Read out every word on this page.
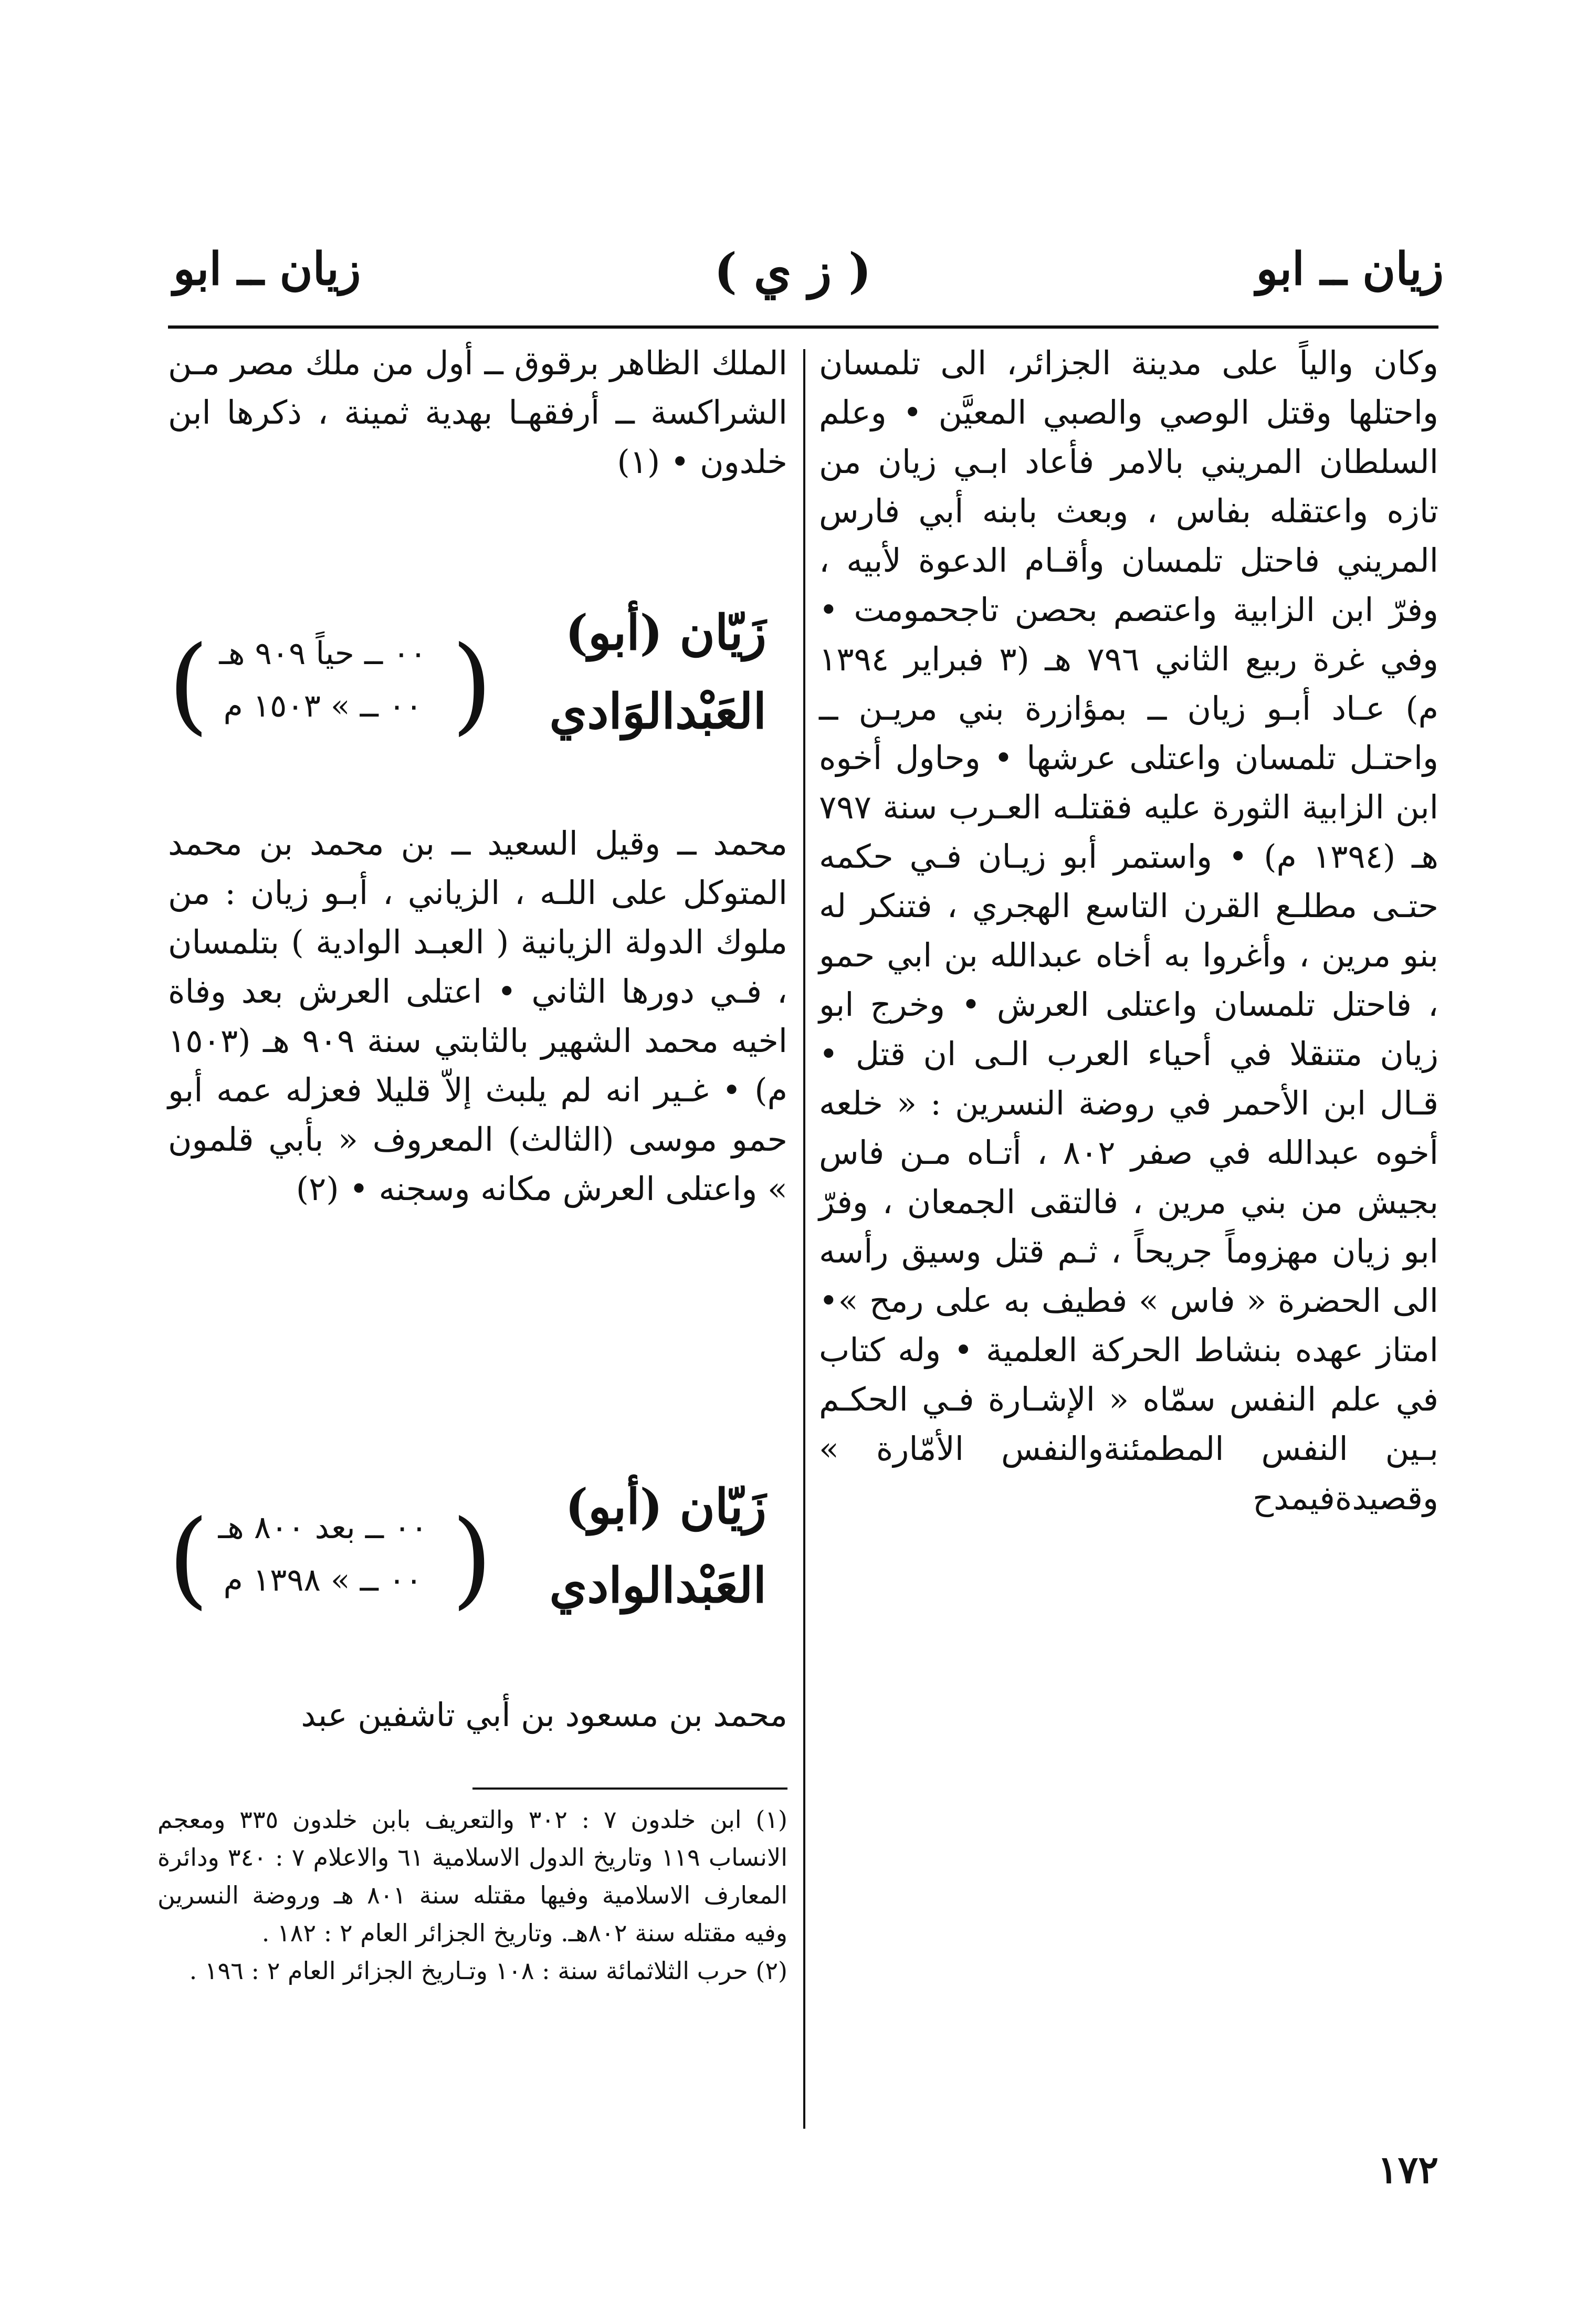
زيان ــ ابو
( ز ي )
زيان ــ ابو
وكان والياً على مدينة الجزائر، الى تلمسان واحتلها وقتل الوصي والصبي المعيَّن • وعلم السلطان المريني بالامر فأعاد ابـي زيان من تازه واعتقله بفاس ، وبعث بابنه أبي فارس المريني فاحتل تلمسان وأقـام الدعوة لأبيه ، وفرّ ابن الزابية واعتصم بحصن تاجحمومت • وفي غرة ربيع الثاني ٧٩٦ هـ (٣ فبراير ١٣٩٤ م) عـاد أبـو زيان ــ بمؤازرة بني مريـن ــ واحتـل تلمسان واعتلى عرشها • وحاول أخوه ابن الزابية الثورة عليه فقتلـه العـرب سنة ٧٩٧ هـ (١٣٩٤ م) • واستمر أبو زيـان فـي حكمه حتـى مطلـع القرن التاسع الهجري ، فتنكر له بنو مرين ، وأغروا به أخاه عبدالله بن ابي حمو ، فاحتل تلمسان واعتلى العرش • وخرج ابو زيان متنقلا في أحياء العرب الـى ان قتل • قـال ابن الأحمر في روضة النسرين : « خلعه أخوه عبدالله في صفر ٨٠٢ ، أتـاه مـن فاس بجيش من بني مرين ، فالتقى الجمعان ، وفرّ ابو زيان مهزوماً جريحاً ، ثـم قتل وسيق رأسه الى الحضرة « فاس » فطيف به على رمح »• امتاز عهده بنشاط الحركة العلمية • وله كتاب في علم النفس سمّاه « الإشـارة فـي الحكـم بـين النفس المطمئنةوالنفس الأمّارة » وقصيدةفيمدح
الملك الظاهر برقوق ــ أول من ملك مصر مـن الشراكسة ــ أرفقهـا بهدية ثمينة ، ذكرها ابن خلدون • (١)
زَيّان (أبو)
العَبْدالوَادي
(
٠٠ ــ حياً ٩٠٩ هـ
٠٠ ــ » ١٥٠٣ م
)
محمد ــ وقيل السعيد ــ بن محمد بن محمد المتوكل على اللـه ، الزياني ، أبـو زيان : من ملوك الدولة الزيانية ( العبـد الوادية ) بتلمسان ، فـي دورها الثاني • اعتلى العرش بعد وفاة اخيه محمد الشهير بالثابتي سنة ٩٠٩ هـ (١٥٠٣ م) • غـير انه لم يلبث إلاّ قليلا فعزله عمه أبو حمو موسى (الثالث) المعروف « بأبي قلمون » واعتلى العرش مكانه وسجنه • (٢)
زَيّان (أبو)
العَبْدالوادي
(
٠٠ ــ بعد ٨٠٠ هـ
٠٠ ــ » ١٣٩٨ م
)
محمد بن مسعود بن أبي تاشفين عبد

(١) ابن خلدون ٧ : ٣٠٢ والتعريف بابن خلدون ٣٣٥ ومعجم الانساب ١١٩ وتاريخ الدول الاسلامية ٦١ والاعلام ٧ : ٣٤٠ ودائرة المعارف الاسلامية وفيها مقتله سنة ٨٠١ هـ وروضة النسرين وفيه مقتله سنة ٨٠٢هـ. وتاريخ الجزائر العام ٢ : ١٨٢ .

(٢) حرب الثلاثمائة سنة : ١٠٨ وتـاريخ الجزائر العام ٢ : ١٩٦ .

١٧٢
